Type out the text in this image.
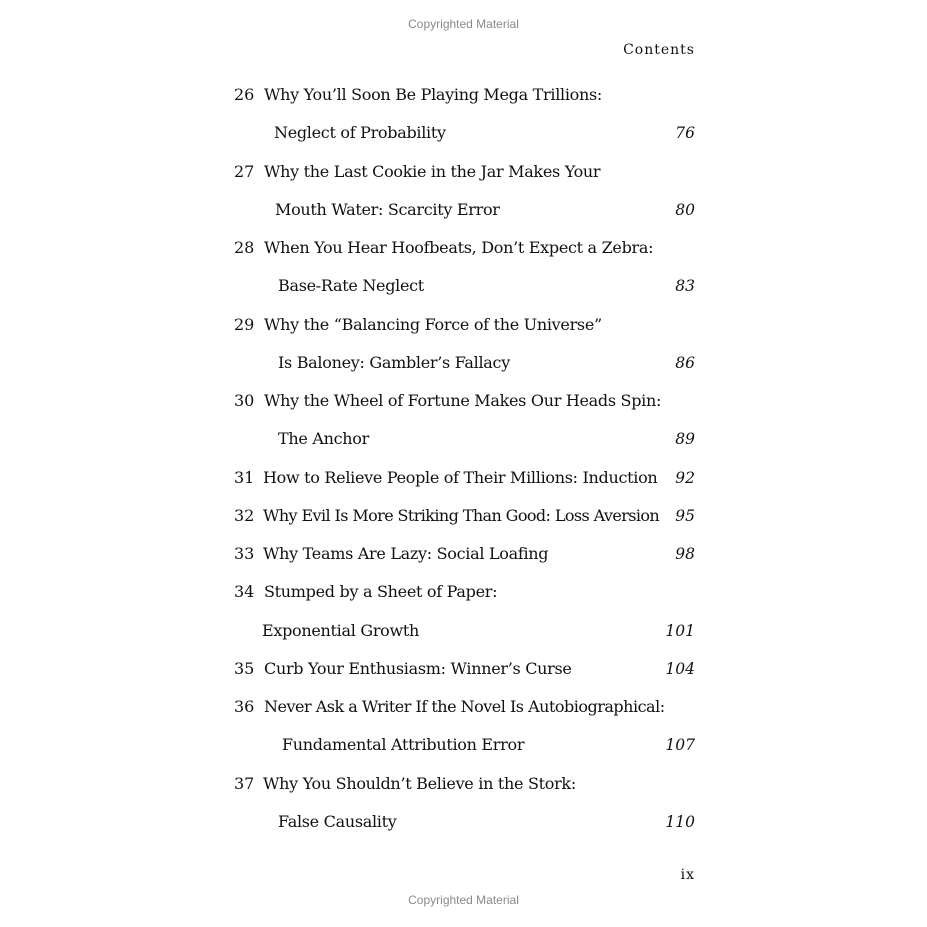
Copyrighted Material
Contents
26 Why You’ll Soon Be Playing Mega Trillions:
Neglect of Probability	76
27 Why the Last Cookie in the Jar Makes Your
Mouth Water: Scarcity Error	80
28 When You Hear Hoofbeats, Don’t Expect a Zebra:
Base-Rate Neglect	83
29 Why the “Balancing Force of the Universe”
Is Baloney: Gambler’s Fallacy	86
30 Why the Wheel of Fortune Makes Our Heads Spin:
The Anchor	89
31 How to Relieve People of Their Millions: Induction 92
32 Why Evil Is More Striking Than Good: Loss Aversion 95
33 Why Teams Are Lazy: Social Loafing	98
34 Stumped by a Sheet of Paper:
Exponential Growth	101
35 Curb Your Enthusiasm: Winner’s Curse	104
36 Never Ask a Writer If the Novel Is Autobiographical:
Fundamental Attribution Error	107
37 Why You Shouldn’t Believe in the Stork:
False Causality	110
ix
Copyrighted Material
